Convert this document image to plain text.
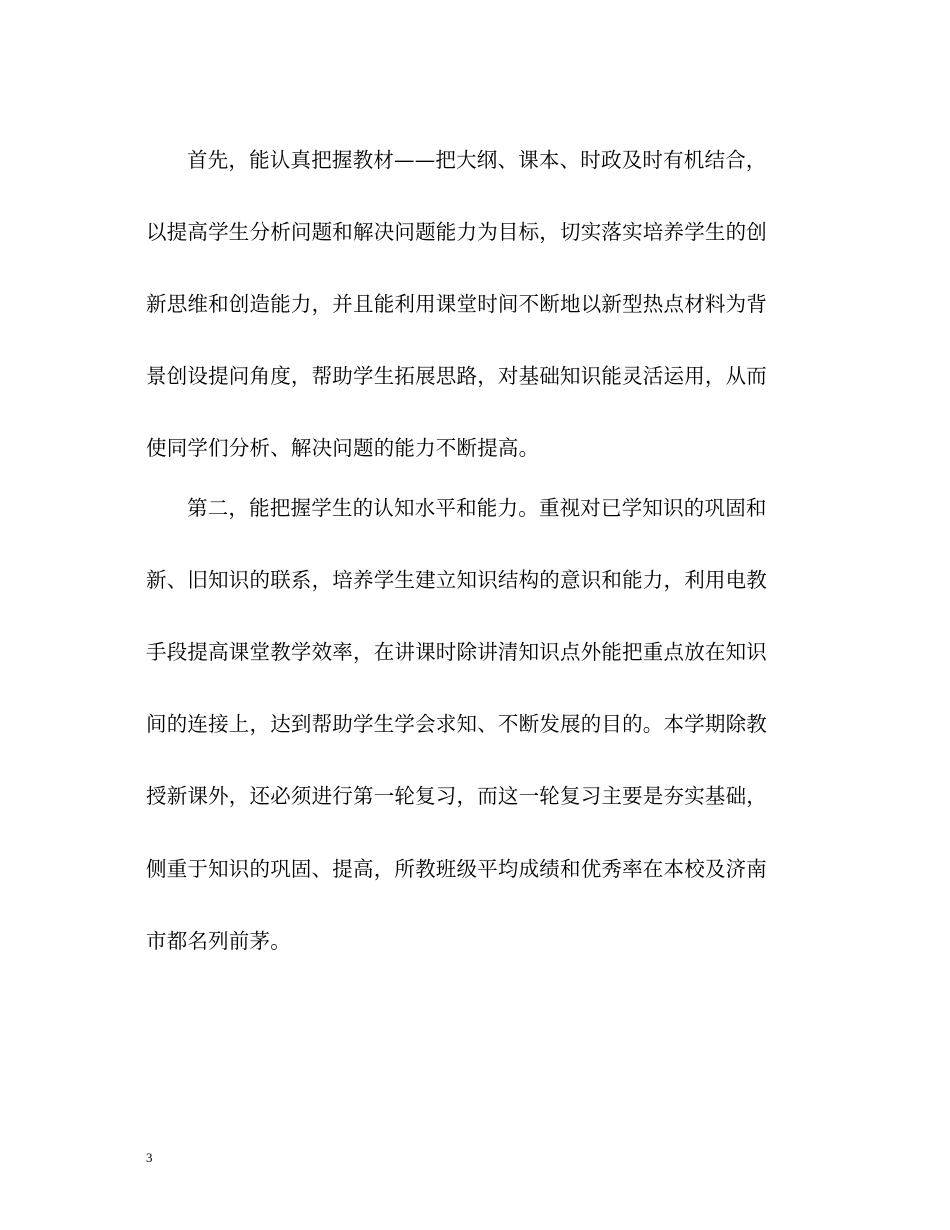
首先，能认真把握教材——把大纲、课本、时政及时有机结合，
以提高学生分析问题和解决问题能力为目标，切实落实培养学生的创
新思维和创造能力，并且能利用课堂时间不断地以新型热点材料为背
景创设提问角度，帮助学生拓展思路，对基础知识能灵活运用，从而
使同学们分析、解决问题的能力不断提高。
第二，能把握学生的认知水平和能力。重视对已学知识的巩固和
新、旧知识的联系，培养学生建立知识结构的意识和能力，利用电教
手段提高课堂教学效率，在讲课时除讲清知识点外能把重点放在知识
间的连接上，达到帮助学生学会求知、不断发展的目的。本学期除教
授新课外，还必须进行第一轮复习，而这一轮复习主要是夯实基础，
侧重于知识的巩固、提高，所教班级平均成绩和优秀率在本校及济南
市都名列前茅。
3
